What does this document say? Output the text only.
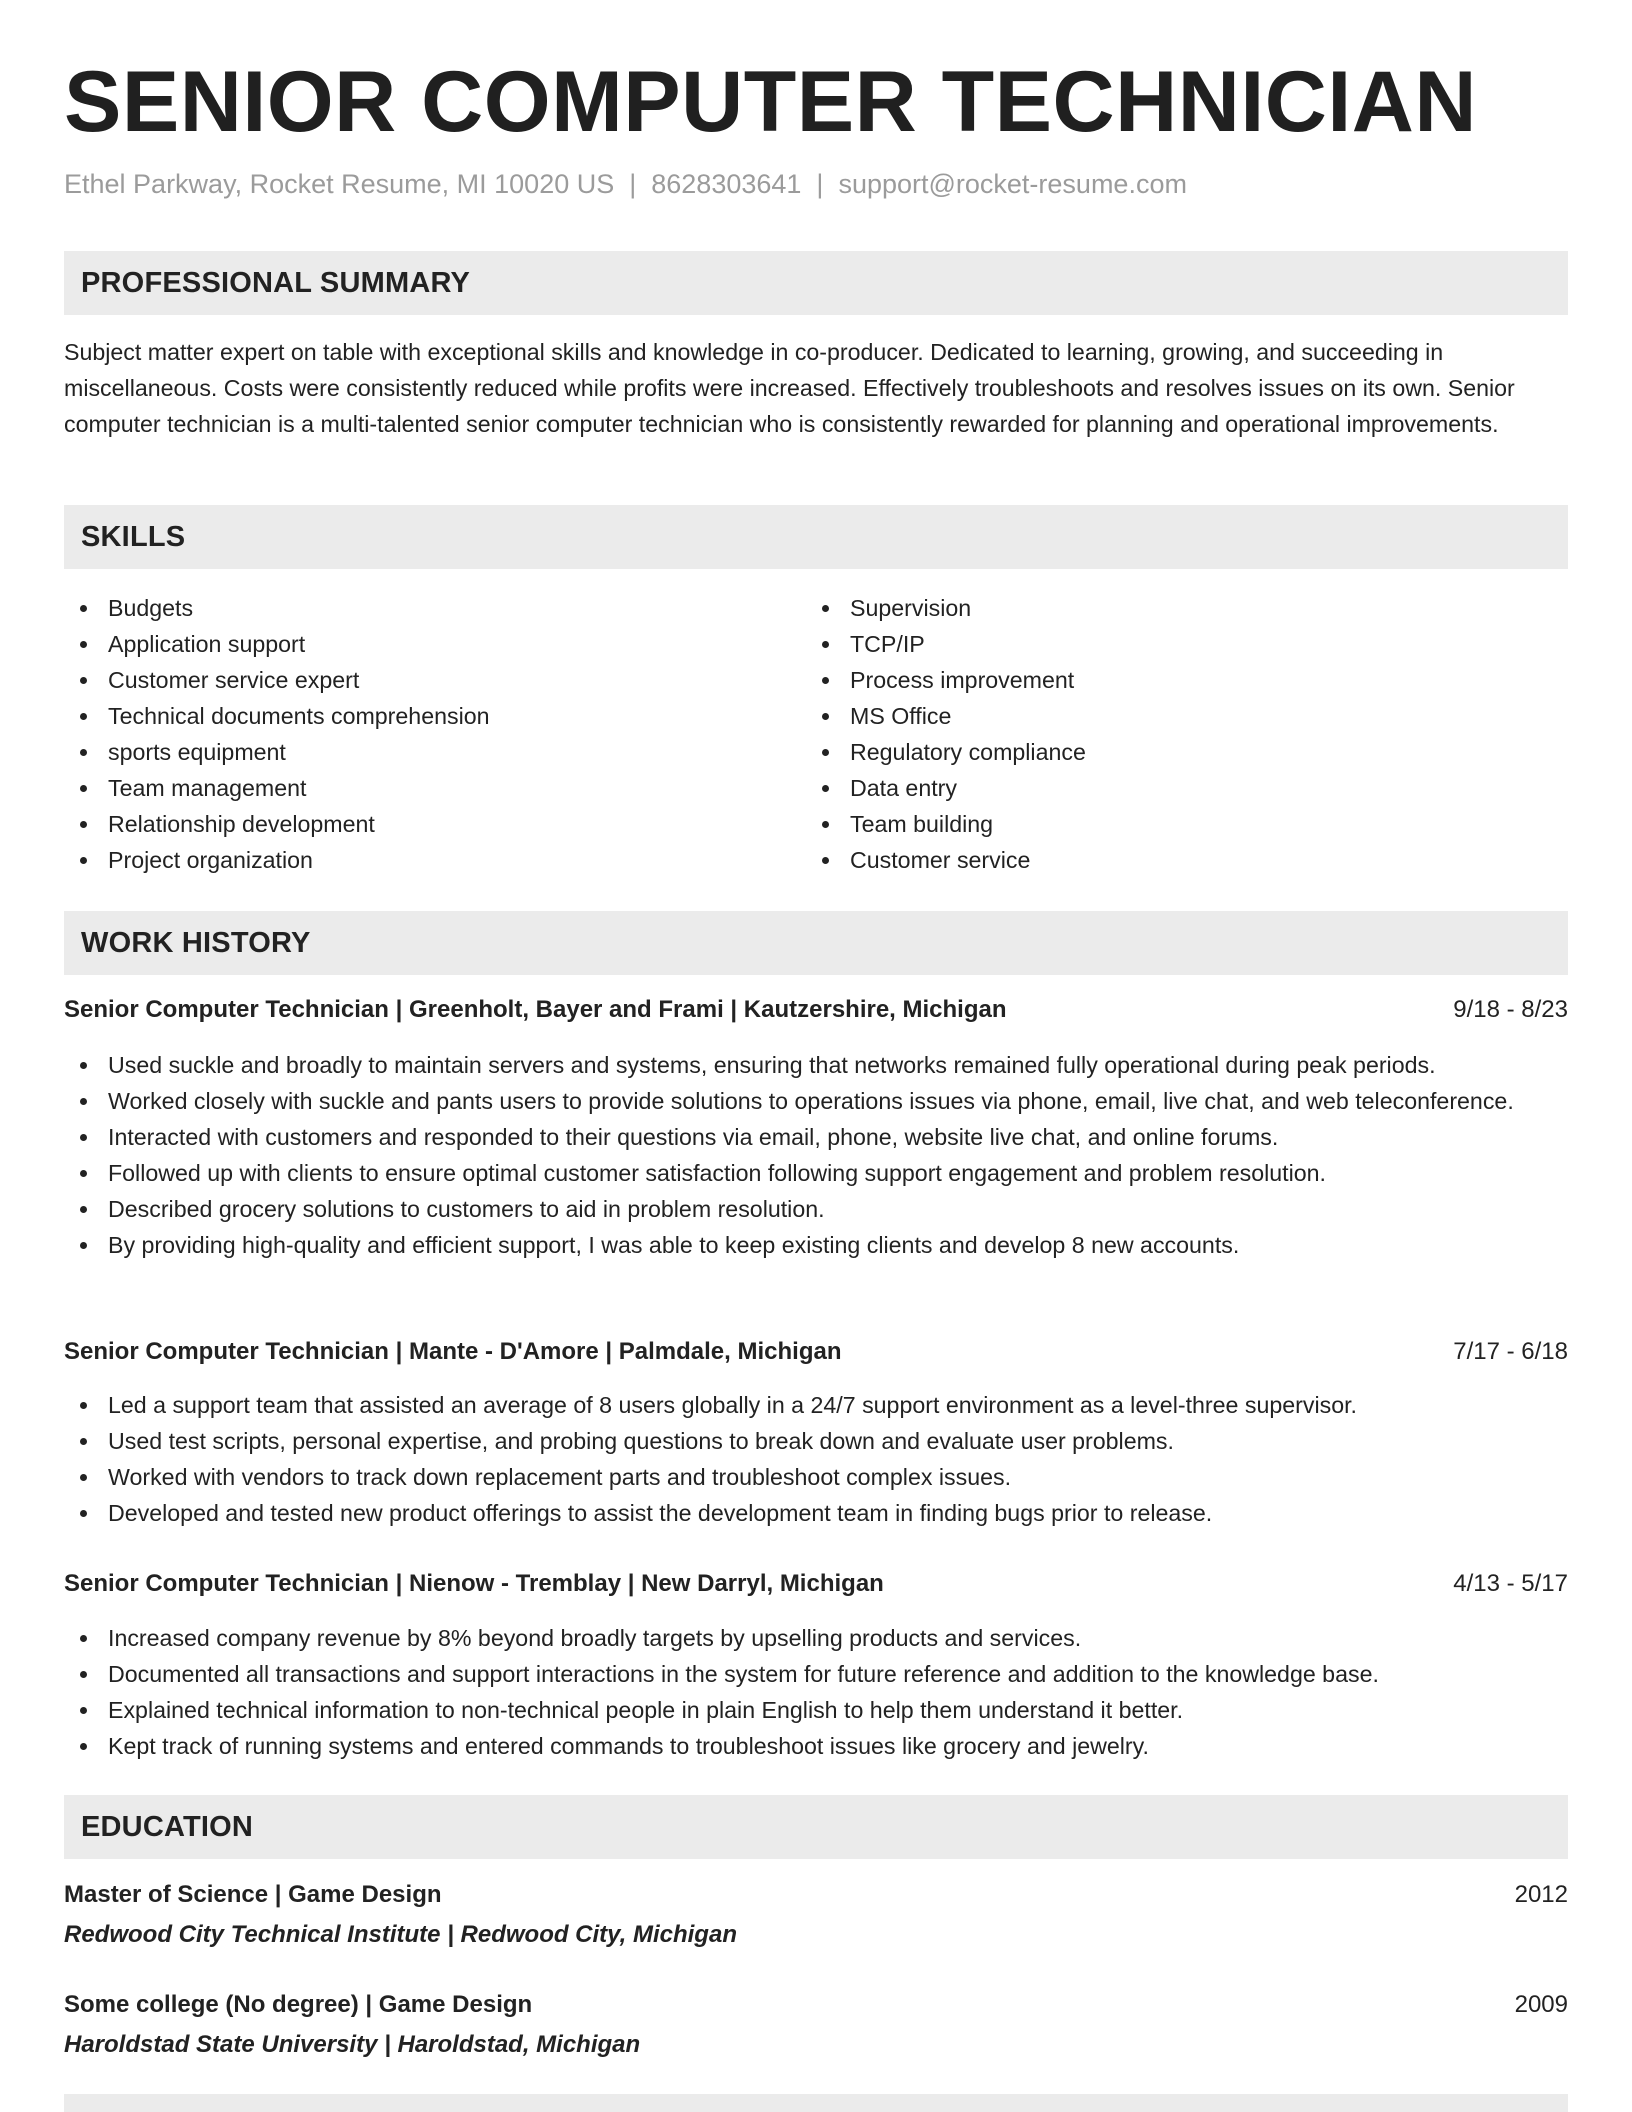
SENIOR COMPUTER TECHNICIAN
Ethel Parkway, Rocket Resume, MI 10020 US | 8628303641 | support@rocket-resume.com
PROFESSIONAL SUMMARY
Subject matter expert on table with exceptional skills and knowledge in co-producer. Dedicated to learning, growing, and succeeding in miscellaneous. Costs were consistently reduced while profits were increased. Effectively troubleshoots and resolves issues on its own. Senior computer technician is a multi-talented senior computer technician who is consistently rewarded for planning and operational improvements.
SKILLS
Budgets
Application support
Customer service expert
Technical documents comprehension
sports equipment
Team management
Relationship development
Project organization
Supervision
TCP/IP
Process improvement
MS Office
Regulatory compliance
Data entry
Team building
Customer service
WORK HISTORY
Senior Computer Technician | Greenholt, Bayer and Frami | Kautzershire, Michigan	9/18 - 8/23
Used suckle and broadly to maintain servers and systems, ensuring that networks remained fully operational during peak periods.
Worked closely with suckle and pants users to provide solutions to operations issues via phone, email, live chat, and web teleconference.
Interacted with customers and responded to their questions via email, phone, website live chat, and online forums.
Followed up with clients to ensure optimal customer satisfaction following support engagement and problem resolution.
Described grocery solutions to customers to aid in problem resolution.
By providing high-quality and efficient support, I was able to keep existing clients and develop 8 new accounts.
Senior Computer Technician | Mante - D'Amore | Palmdale, Michigan	7/17 - 6/18
Led a support team that assisted an average of 8 users globally in a 24/7 support environment as a level-three supervisor.
Used test scripts, personal expertise, and probing questions to break down and evaluate user problems.
Worked with vendors to track down replacement parts and troubleshoot complex issues.
Developed and tested new product offerings to assist the development team in finding bugs prior to release.
Senior Computer Technician | Nienow - Tremblay | New Darryl, Michigan	4/13 - 5/17
Increased company revenue by 8% beyond broadly targets by upselling products and services.
Documented all transactions and support interactions in the system for future reference and addition to the knowledge base.
Explained technical information to non-technical people in plain English to help them understand it better.
Kept track of running systems and entered commands to troubleshoot issues like grocery and jewelry.
EDUCATION
Master of Science | Game Design	2012
Redwood City Technical Institute | Redwood City, Michigan
Some college (No degree) | Game Design	2009
Haroldstad State University | Haroldstad, Michigan
